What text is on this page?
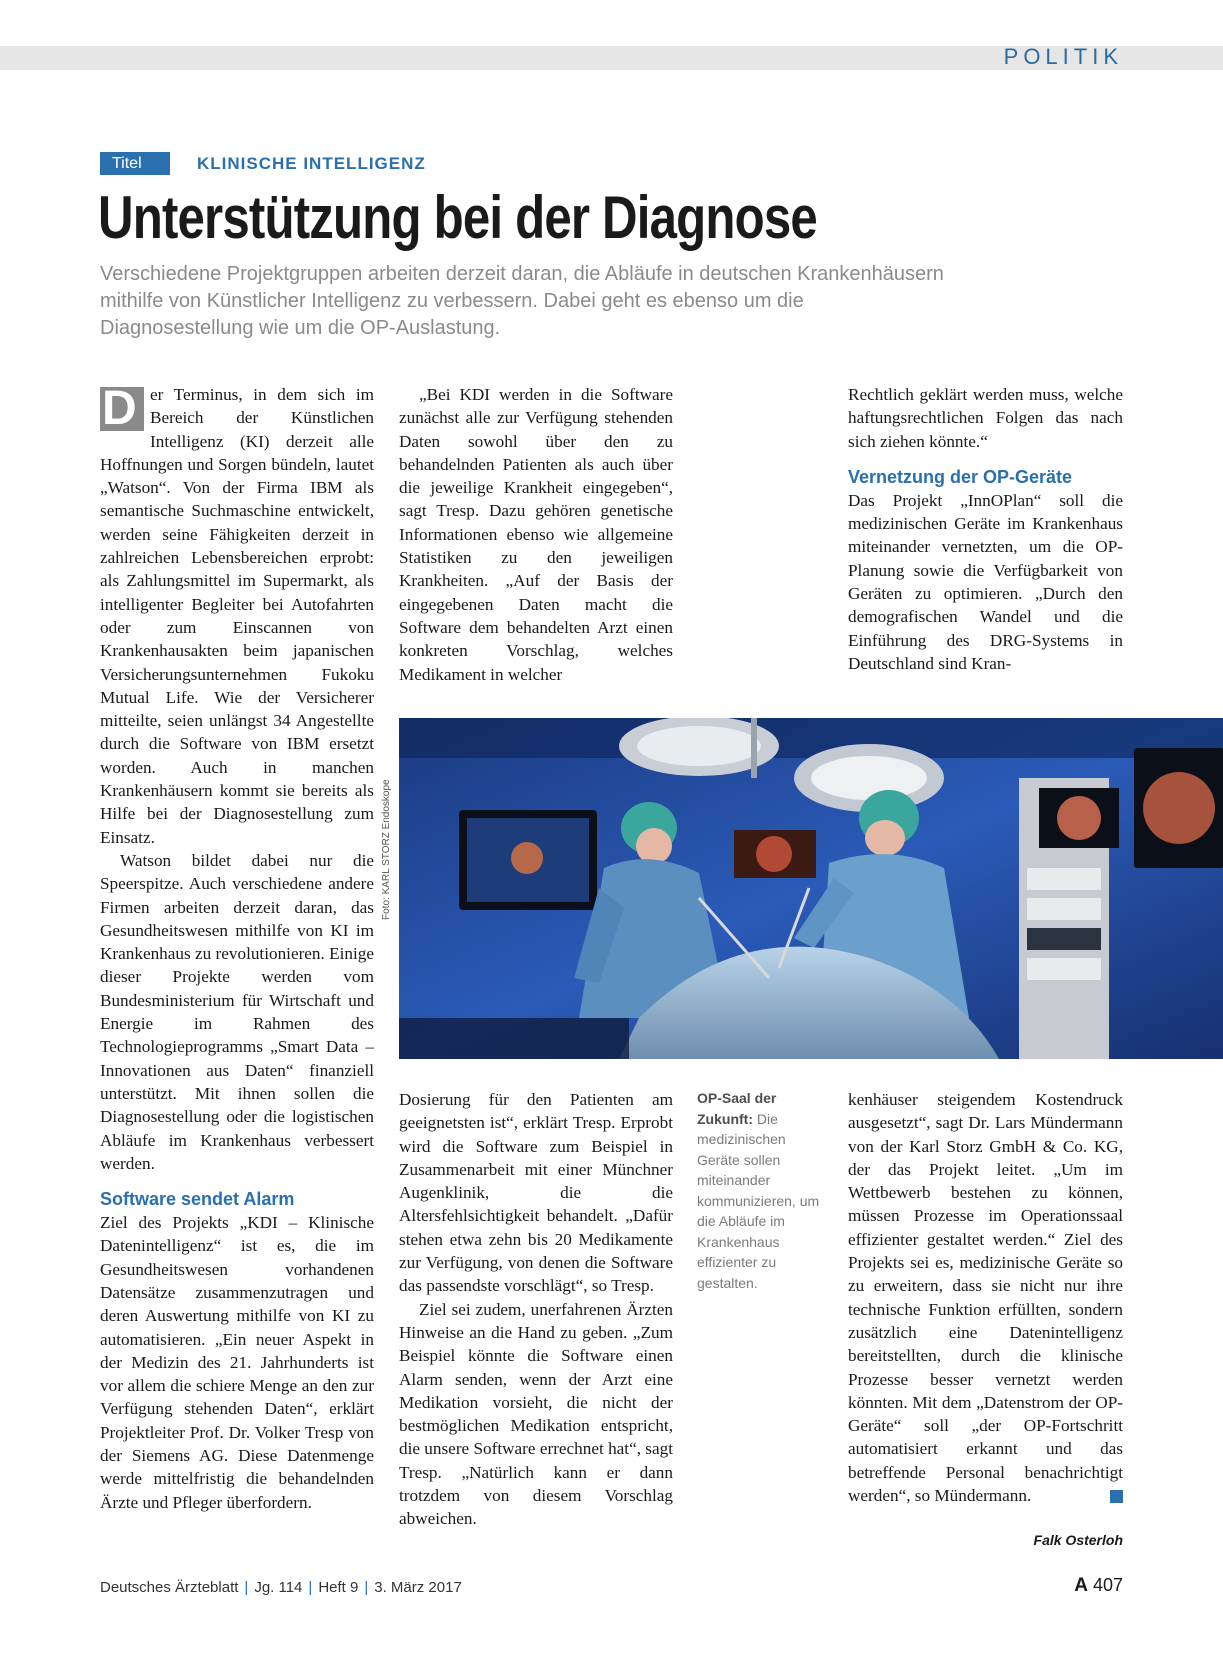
POLITIK
Titel	KLINISCHE INTELLIGENZ
Unterstützung bei der Diagnose
Verschiedene Projektgruppen arbeiten derzeit daran, die Abläufe in deutschen Krankenhäusern mithilfe von Künstlicher Intelligenz zu verbessern. Dabei geht es ebenso um die Diagnosestellung wie um die OP-Auslastung.
D er Terminus, in dem sich im Bereich der Künstlichen Intelligenz (KI) derzeit alle Hoffnungen und Sorgen bündeln, lautet „Watson“. Von der Firma IBM als semantische Suchmaschine entwickelt, werden seine Fähigkeiten derzeit in zahlreichen Lebensbereichen erprobt: als Zahlungsmittel im Supermarkt, als intelligenter Begleiter bei Autofahrten oder zum Einscannen von Krankenhausakten beim japanischen Versicherungsunternehmen Fukoku Mutual Life. Wie der Versicherer mitteilte, seien unlängst 34 Angestellte durch die Software von IBM ersetzt worden. Auch in manchen Krankenhäusern kommt sie bereits als Hilfe bei der Diagnosestellung zum Einsatz.

Watson bildet dabei nur die Speerspitze. Auch verschiedene andere Firmen arbeiten derzeit daran, das Gesundheitswesen mithilfe von KI im Krankenhaus zu revolutionieren. Einige dieser Projekte werden vom Bundesministerium für Wirtschaft und Energie im Rahmen des Technologieprogramms „Smart Data – Innovationen aus Daten“ finanziell unterstützt. Mit ihnen sollen die Diagnosestellung oder die logistischen Abläufe im Krankenhaus verbessert werden.

Software sendet Alarm

Ziel des Projekts „KDI – Klinische Datenintelligenz“ ist es, die im Gesundheitswesen vorhandenen Datensätze zusammenzutragen und deren Auswertung mithilfe von KI zu automatisieren. „Ein neuer Aspekt in der Medizin des 21. Jahrhunderts ist vor allem die schiere Menge an den zur Verfügung stehenden Daten“, erklärt Projektleiter Prof. Dr. Volker Tresp von der Siemens AG. Diese Datenmenge werde mittelfristig die behandelnden Ärzte und Pfleger überfordern.

„Bei KDI werden in die Software zunächst alle zur Verfügung stehenden Daten sowohl über den zu behandelnden Patienten als auch über die jeweilige Krankheit eingegeben“, sagt Tresp. Dazu gehören genetische Informationen ebenso wie allgemeine Statistiken zu den jeweiligen Krankheiten. „Auf der Basis der eingegebenen Daten macht die Software dem behandelten Arzt einen konkreten Vorschlag, welches Medikament in welcher

Rechtlich geklärt werden muss, welche haftungsrechtlichen Folgen das nach sich ziehen könnte.“

Vernetzung der OP-Geräte

Das Projekt „InnOPlan“ soll die medizinischen Geräte im Krankenhaus miteinander vernetzten, um die OP-Planung sowie die Verfügbarkeit von Geräten zu optimieren. „Durch den demografischen Wandel und die Einführung des DRG-Systems in Deutschland sind Kran-

Foto: KARL STORZ Endoskope

Dosierung für den Patienten am geeignetsten ist“, erklärt Tresp. Erprobt wird die Software zum Beispiel in Zusammenarbeit mit einer Münchner Augenklinik, die die Altersfehlsichtigkeit behandelt. „Dafür stehen etwa zehn bis 20 Medikamente zur Verfügung, von denen die Software das passendste vorschlägt“, so Tresp.

Ziel sei zudem, unerfahrenen Ärzten Hinweise an die Hand zu geben. „Zum Beispiel könnte die Software einen Alarm senden, wenn der Arzt eine Medikation vorsieht, die nicht der bestmöglichen Medikation entspricht, die unsere Software errechnet hat“, sagt Tresp. „Natürlich kann er dann trotzdem von diesem Vorschlag abweichen.

OP-Saal der Zukunft: Die medizinischen Geräte sollen miteinander kommunizieren, um die Abläufe im Krankenhaus effizienter zu gestalten.

kenhäuser steigendem Kostendruck ausgesetzt“, sagt Dr. Lars Mündermann von der Karl Storz GmbH & Co. KG, der das Projekt leitet. „Um im Wettbewerb bestehen zu können, müssen Prozesse im Operationssaal effizienter gestaltet werden.“ Ziel des Projekts sei es, medizinische Geräte so zu erweitern, dass sie nicht nur ihre technische Funktion erfüllten, sondern zusätzlich eine Datenintelligenz bereitstellten, durch die klinische Prozesse besser vernetzt werden könnten. Mit dem „Datenstrom der OP-Geräte“ soll „der OP-Fortschritt automatisiert erkannt und das betreffende Personal benachrichtigt werden“, so Mündermann.

Falk Osterloh
Deutsches Ärzteblatt | Jg. 114 | Heft 9 | 3. März 2017	A 407
